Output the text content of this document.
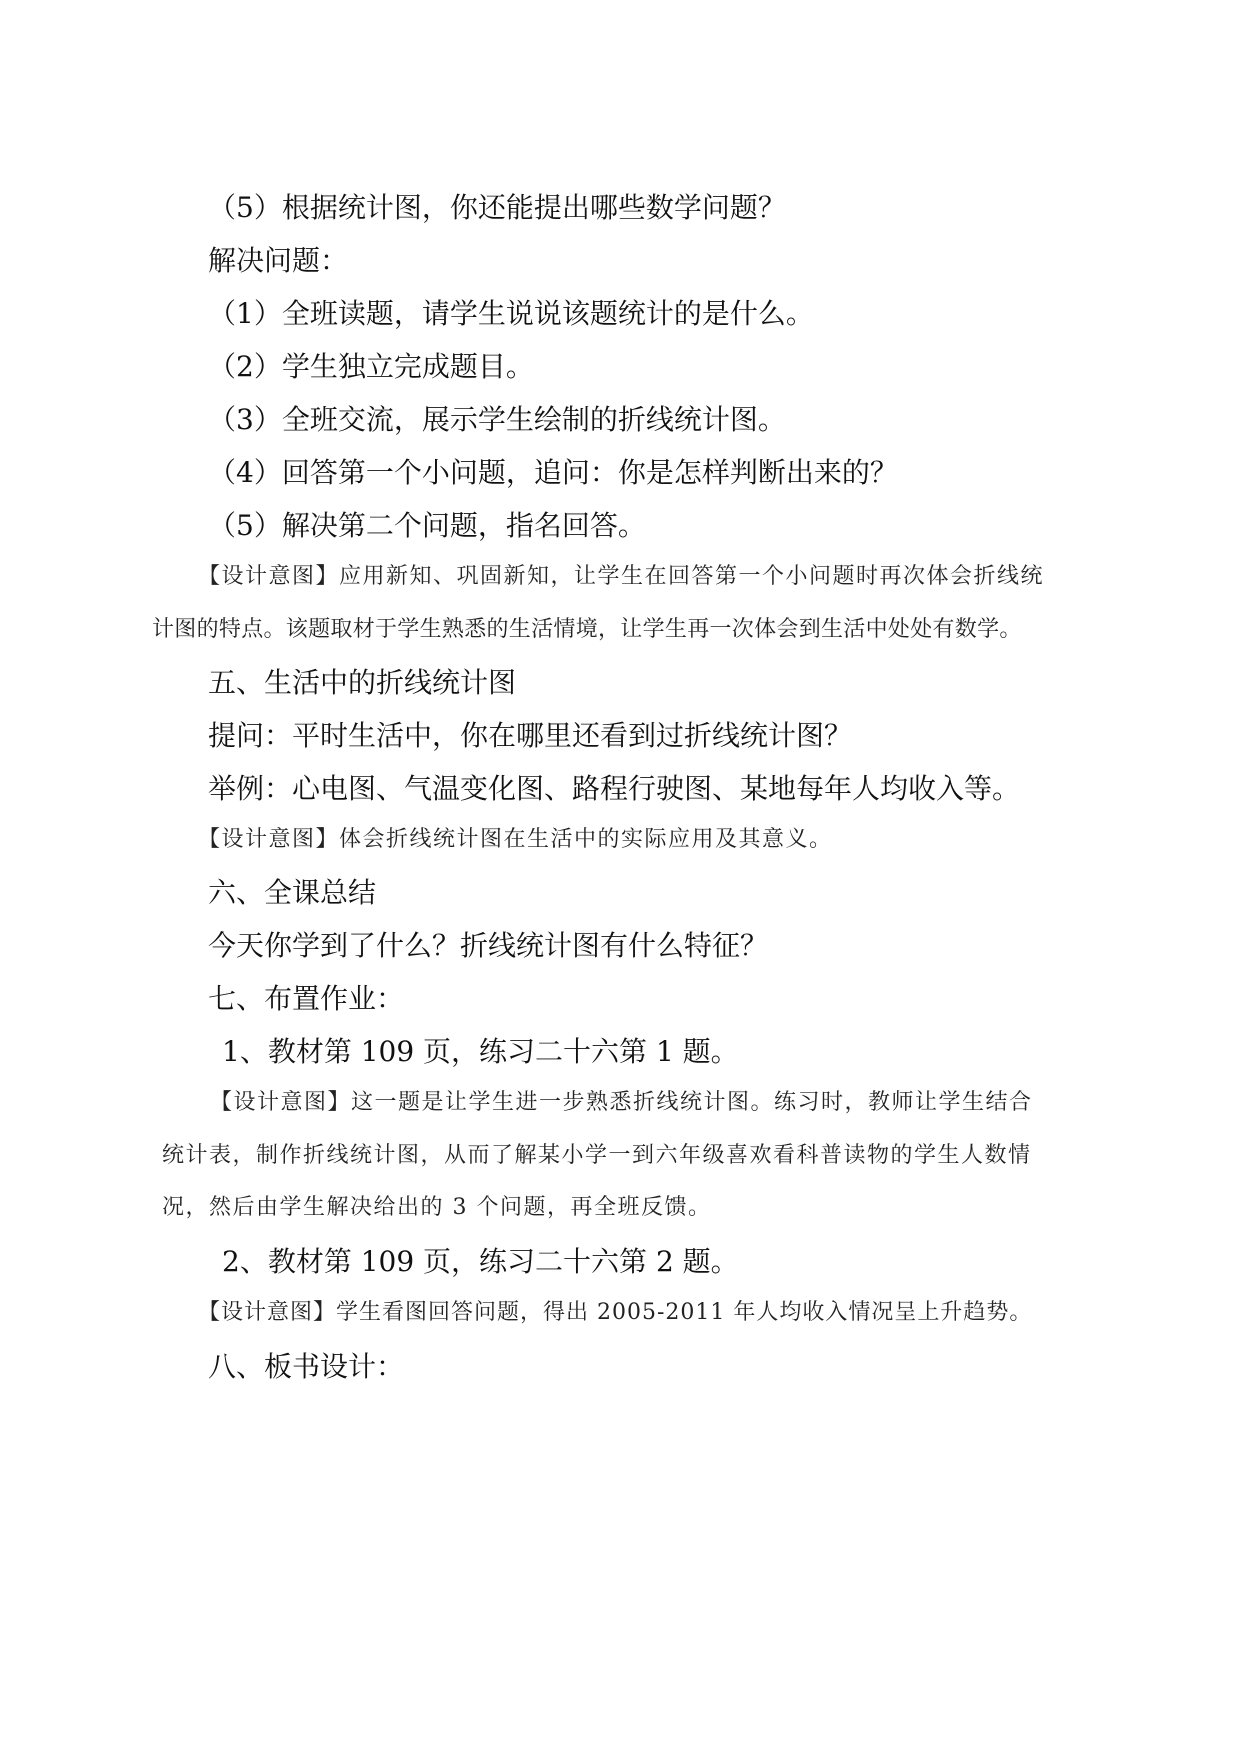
（5）根据统计图，你还能提出哪些数学问题？
解决问题：
（1）全班读题，请学生说说该题统计的是什么。
（2）学生独立完成题目。
（3）全班交流，展示学生绘制的折线统计图。
（4）回答第一个小问题，追问：你是怎样判断出来的？
（5）解决第二个问题，指名回答。
【设计意图】应用新知、巩固新知，让学生在回答第一个小问题时再次体会折线统
计图的特点。该题取材于学生熟悉的生活情境，让学生再一次体会到生活中处处有数学。
五、生活中的折线统计图
提问：平时生活中，你在哪里还看到过折线统计图？
举例：心电图、气温变化图、路程行驶图、某地每年人均收入等。
【设计意图】体会折线统计图在生活中的实际应用及其意义。
六、全课总结
今天你学到了什么？折线统计图有什么特征？
七、布置作业：
1、教材第 109 页，练习二十六第 1 题。
【设计意图】这一题是让学生进一步熟悉折线统计图。练习时，教师让学生结合
统计表，制作折线统计图，从而了解某小学一到六年级喜欢看科普读物的学生人数情
况，然后由学生解决给出的 3 个问题，再全班反馈。
2、教材第 109 页，练习二十六第 2 题。
【设计意图】学生看图回答问题，得出 2005-2011 年人均收入情况呈上升趋势。
八、板书设计：
